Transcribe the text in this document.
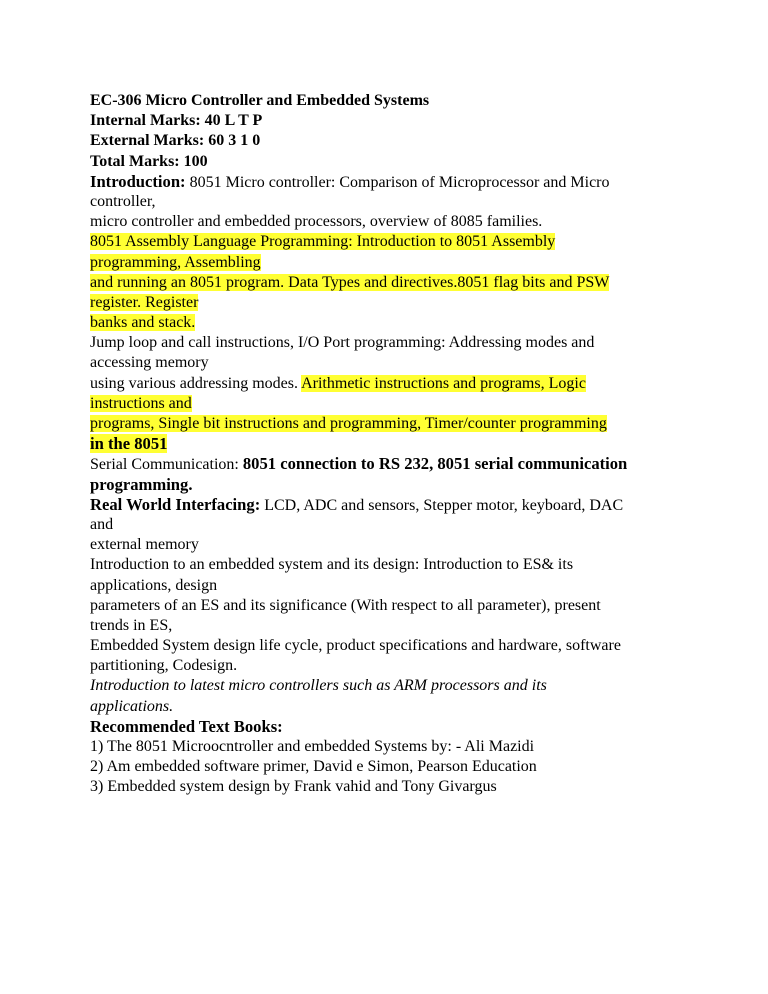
EC-306 Micro Controller and Embedded Systems
Internal Marks: 40 L T P
External Marks: 60 3 1 0
Total Marks: 100
Introduction: 8051 Micro controller: Comparison of Microprocessor and Micro
controller,
micro controller and embedded processors, overview of 8085 families.
8051 Assembly Language Programming: Introduction to 8051 Assembly
programming, Assembling
and running an 8051 program. Data Types and directives.8051 flag bits and PSW
register. Register
banks and stack.
Jump loop and call instructions, I/O Port programming: Addressing modes and
accessing memory
using various addressing modes. Arithmetic instructions and programs, Logic
instructions and
programs, Single bit instructions and programming, Timer/counter programming
in the 8051
Serial Communication: 8051 connection to RS 232, 8051 serial communication
programming.
Real World Interfacing: LCD, ADC and sensors, Stepper motor, keyboard, DAC
and
external memory
Introduction to an embedded system and its design: Introduction to ES& its
applications, design
parameters of an ES and its significance (With respect to all parameter), present
trends in ES,
Embedded System design life cycle, product specifications and hardware, software
partitioning, Codesign.
Introduction to latest micro controllers such as ARM processors and its
applications.
Recommended Text Books:
1) The 8051 Microocntroller and embedded Systems by: - Ali Mazidi
2) Am embedded software primer, David e Simon, Pearson Education
3) Embedded system design by Frank vahid and Tony Givargus
